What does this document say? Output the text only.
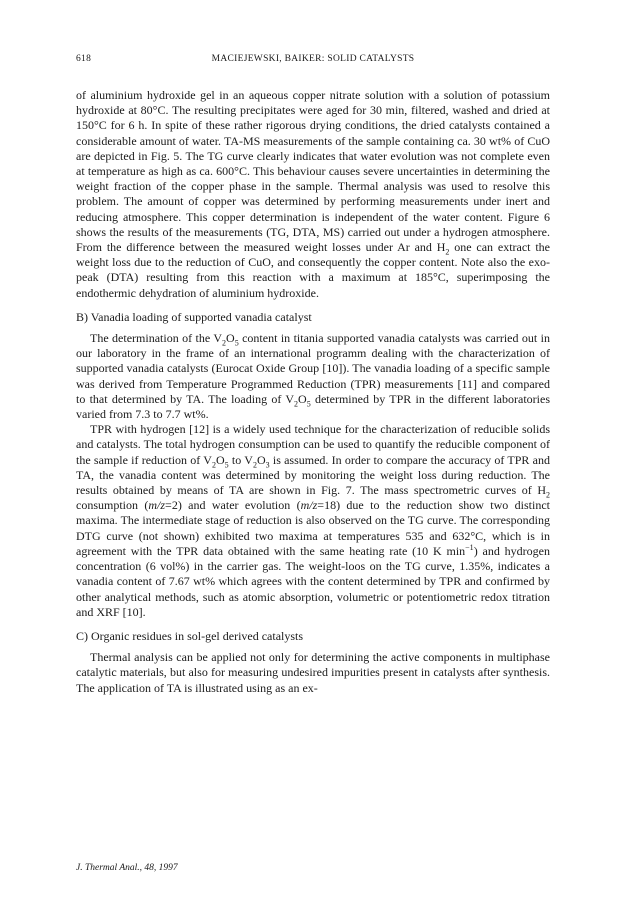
618	MACIEJEWSKI, BAIKER: SOLID CATALYSTS

of aluminium hydroxide gel in an aqueous copper nitrate solution with a solution of potassium hydroxide at 80°C. The resulting precipitates were aged for 30 min, filtered, washed and dried at 150°C for 6 h. In spite of these rather rigorous drying conditions, the dried catalysts contained a considerable amount of water. TA-MS measurements of the sample containing ca. 30 wt% of CuO are depicted in Fig. 5. The TG curve clearly indicates that water evolution was not complete even at temperature as high as ca. 600°C. This behaviour causes severe uncertainties in determining the weight fraction of the copper phase in the sample. Thermal analysis was used to resolve this problem. The amount of copper was determined by performing measurements under inert and reducing atmosphere. This copper determination is independent of the water content. Figure 6 shows the results of the measurements (TG, DTA, MS) carried out under a hydrogen atmosphere. From the difference between the measured weight losses under Ar and $H_2$ one can extract the weight loss due to the reduction of CuO, and consequently the copper content. Note also the exo-peak (DTA) resulting from this reaction with a maximum at 185°C, superimposing the endothermic dehydration of aluminium hydroxide.

B) Vanadia loading of supported vanadia catalyst

The determination of the $V_2O_5$ content in titania supported vanadia catalysts was carried out in our laboratory in the frame of an international programm dealing with the characterization of supported vanadia catalysts (Eurocat Oxide Group [10]). The vanadia loading of a specific sample was derived from Temperature Programmed Reduction (TPR) measurements [11] and compared to that determined by TA. The loading of $V_2O_5$ determined by TPR in the different laboratories varied from 7.3 to 7.7 wt%.

TPR with hydrogen [12] is a widely used technique for the characterization of reducible solids and catalysts. The total hydrogen consumption can be used to quantify the reducible component of the sample if reduction of $V_2O_5$ to $V_2O_3$ is assumed. In order to compare the accuracy of TPR and TA, the vanadia content was determined by monitoring the weight loss during reduction. The results obtained by means of TA are shown in Fig. 7. The mass spectrometric curves of $H_2$ consumption (m/z=2) and water evolution (m/z=18) due to the reduction show two distinct maxima. The intermediate stage of reduction is also observed on the TG curve. The corresponding DTG curve (not shown) exhibited two maxima at temperatures 535 and 632°C, which is in agreement with the TPR data obtained with the same heating rate (10 K $\min^{-1}$) and hydrogen concentration (6 vol%) in the carrier gas. The weight-loos on the TG curve, 1.35%, indicates a vanadia content of 7.67 wt% which agrees with the content determined by TPR and confirmed by other analytical methods, such as atomic absorption, volumetric or potentiometric redox titration and XRF [10].

C) Organic residues in sol-gel derived catalysts

Thermal analysis can be applied not only for determining the active components in multiphase catalytic materials, but also for measuring undesired impurities present in catalysts after synthesis. The application of TA is illustrated using as an ex-

J. Thermal Anal., 48, 1997
